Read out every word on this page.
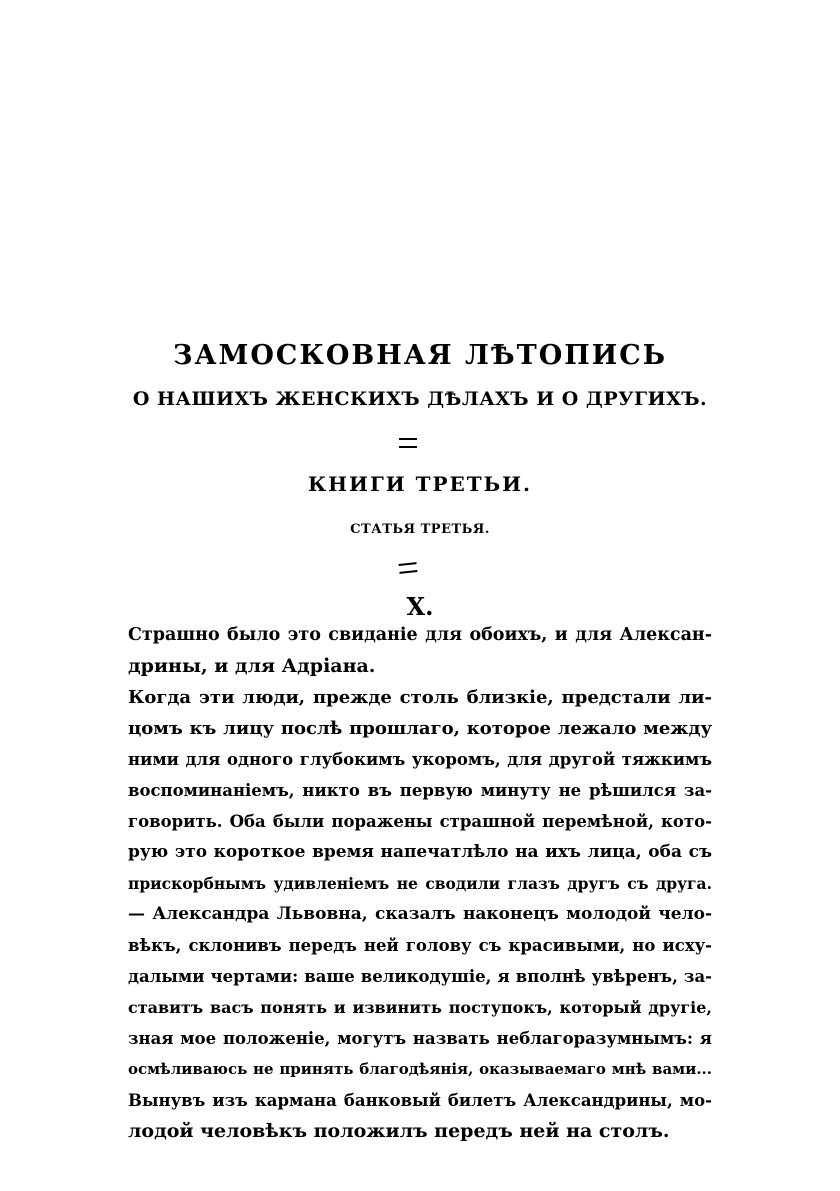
ЗАМОСКОВНАЯ ЛѢТОПИСЬ
О НАШИХЪ ЖЕНСКИХЪ ДѢЛАХЪ И О ДРУГИХЪ.
КНИГИ ТРЕТЬИ.
СТАТЬЯ ТРЕТЬЯ.
X.
Страшно было это свиданіе для обоихъ, и для Алексан-
дрины, и для Адріана.
Когда эти люди, прежде столь близкіе, предстали ли-
цомъ къ лицу послѣ прошлаго, которое лежало между
ними для одного глубокимъ укоромъ, для другой тяжкимъ
воспоминаніемъ, никто въ первую минуту не рѣшился за-
говорить. Оба были поражены страшной перемѣной, кото-
рую это короткое время напечатлѣло на ихъ лица, оба съ
прискорбнымъ удивленіемъ не сводили глазъ другъ съ друга.
— Александра Львовна, сказалъ наконецъ молодой чело-
вѣкъ, склонивъ передъ ней голову съ красивыми, но исху-
далыми чертами: ваше великодушіе, я вполнѣ увѣренъ, за-
ставитъ васъ понять и извинить поступокъ, который другіе,
зная мое положеніе, могутъ назвать неблагоразумнымъ: я
осмѣливаюсь не принять благодѣянія, оказываемаго мнѣ вами...
Вынувъ изъ кармана банковый билетъ Александрины, мо-
лодой человѣкъ положилъ передъ ней на столъ.
